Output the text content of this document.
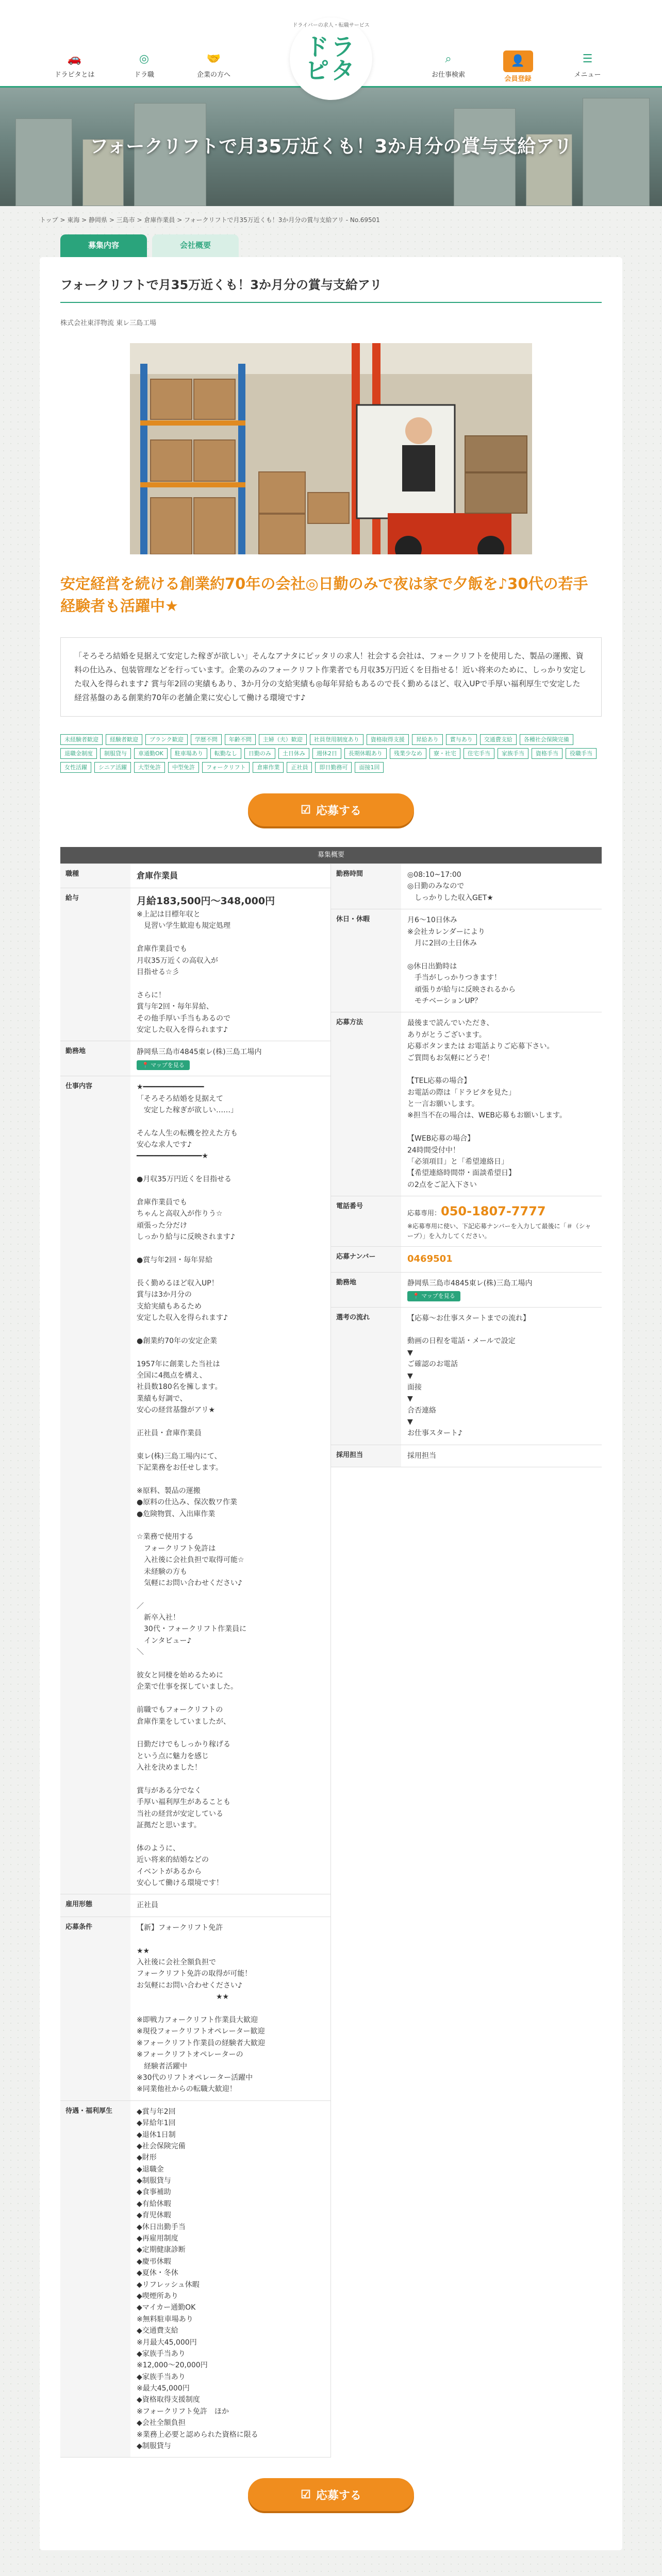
🚗
ドラピタとは
◎
ドラ職
🤝
企業の方へ
⌕
お仕事検索
👤
会員登録
☰
メニュー
ドライバーの求人・転職サービス
ドラ
ピタ
フォークリフトで月35万近くも！3か月分の賞与支給アリ
トップ > 東海 > 静岡県 > 三島市 > 倉庫作業員 > フォークリフトで月35万近くも！3か月分の賞与支給アリ - No.69501
募集内容	会社概要
フォークリフトで月35万近くも！3か月分の賞与支給アリ
株式会社東洋物流 東レ三島工場

安定経営を続ける創業約70年の会社◎日勤のみで夜は家で夕飯を♪30代の若手経験者も活躍中★

「そろそろ結婚を見据えて安定した稼ぎが欲しい」そんなアナタにピッタリの求人！社会する会社は、フォークリフトを使用した、製品の運搬、資料の仕込み、包装管理などを行っています。企業のみのフォークリフト作業者でも月収35万円近くを目指せる！近い将来のために、しっかり安定した収入を得られます♪ 賞与年2回の実績もあり、3か月分の支給実績も◎毎年昇給もあるので長く勤めるほど、収入UPで手厚い福利厚生で安定した経営基盤のある創業約70年の老舗企業に安心して働ける環境です♪

未経験者歓迎	経験者歓迎	ブランク歓迎	学歴不問	年齢不問	主婦（夫）歓迎	社員登用制度あり	資格取得支援	昇給あり	賞与あり	交通費支給	各種社会保険完備
退職金制度	制服貸与	車通勤OK	駐車場あり	転勤なし	日勤のみ	土日休み	週休2日	長期休暇あり	残業少なめ	寮・社宅	住宅手当	家族手当	資格手当	役職手当
女性活躍	シニア活躍	大型免許	中型免許	フォークリフト	倉庫作業	正社員	即日勤務可	面接1回
☑ 応募する
募集概要
職種	倉庫作業員
給与	月給183,500円〜348,000円
※上記は目標年収と
　見習い学生歓迎も規定処理

倉庫作業員でも
月収35万近くの高収入が
目指せる☆彡

さらに！
賞与年2回・毎年昇給、
その他手厚い手当もあるので
安定した収入を得られます♪
勤務地	静岡県三島市4845東レ(株)三島工場内
📍 マップを見る
仕事内容	★━━━━━━━━━━━━━━
「そろそろ結婚を見据えて
　安定した稼ぎが欲しい……」

そんな人生の転機を控えた方も
安心な求人です♪
━━━━━━━━━━━━━━━★

●月収35万円近くを目指せる

倉庫作業員でも
ちゃんと高収入が作りう☆
頑張った分だけ
しっかり給与に反映されます♪

●賞与年2回・毎年昇給

長く勤めるほど収入UP！
賞与は3か月分の
支給実績もあるため
安定した収入を得られます♪

●創業約70年の安定企業

1957年に創業した当社は
全国に4拠点を構え、
社員数180名を擁します。
業績も好調で、
安心の経営基盤がアリ★

正社員・倉庫作業員

東レ(株)三島工場内にて、
下記業務をお任せします。

※原料、製品の運搬
●原料の仕込み、保次数ワ作業
●危険物質、入出庫作業

☆業務で使用する
　フォークリフト免許は
　入社後に会社負担で取得可能☆
　未経験の方も
　気軽にお問い合わせください♪

／
　新卒入社！
　30代・フォークリフト作業員に
　インタビュー♪
＼

彼女と同棲を始めるために
企業で仕事を探していました。

前職でもフォークリフトの
倉庫作業をしていましたが、

日勤だけでもしっかり稼げる
という点に魅力を感じ
入社を決めました！

賞与がある分でなく
手厚い福利厚生があることも
当社の経営が安定している
証拠だと思います。

体のように、
近い将来的結婚などの
イベントがあるから
安心して働ける環境です！
雇用形態	正社員
応募条件	【新】フォークリフト免許

★★
入社後に会社全額負担で
フォークリフト免許の取得が可能！
お気軽にお問い合わせください♪
　　　　　　　　　　　★★

※即戦力フォークリフト作業員大歓迎
※現役フォークリフトオペレーター歓迎
※フォークリフト作業員の経験者大歓迎
※フォークリフトオペレーターの
　経験者活躍中
※30代のリフトオペレーター活躍中
※同業他社からの転職大歓迎！
待遇・福利厚生	◆賞与年2回
◆昇給年1回
◆退休1日制
◆社会保険完備
◆財形
◆退職金
◆制服貸与
◆食事補助
◆有給休暇
◆育児休暇
◆休日出勤手当
◆再雇用制度
◆定期健康診断
◆慶弔休暇
◆夏休・冬休
◆リフレッシュ休暇
◆喫煙所あり
◆マイカー通勤OK
※無料駐車場あり
◆交通費支給
※月最大45,000円
◆家族手当あり
※12,000〜20,000円
◆家族手当あり
※最大45,000円
◆資格取得支援制度
※フォークリフト免許　ほか
◆会社全額負担
※業務上必要と認められた資格に限る
◆制服貸与
勤務時間	◎08:10~17:00
◎日勤のみなので
　しっかりした収入GET★
休日・休暇	月6〜10日休み
※会社カレンダーにより
　月に2回の土日休み

◎休日出勤時は
　手当がしっかりつきます！
　頑張りが給与に反映されるから
　モチベーションUP？
応募方法	最後まで読んでいただき、
ありがとうございます。
応募ボタンまたは お電話よりご応募下さい。
ご質問もお気軽にどうぞ！

【TEL応募の場合】
お電話の際は「ドラピタを見た」
と一言お願いします。
※担当不在の場合は、WEB応募もお願いします。

【WEB応募の場合】
24時間受付中！
「必須項目」と「希望連絡日」
【希望連絡時間帯・面談希望日】
の2点をご記入下さい
電話番号
応募専用：050-1807-7777
※応募専用に使い、下記応募ナンバーを入力して最後に「＃（シャープ）」を入力してください。
応募ナンバー	0469501
勤務地	静岡県三島市4845東レ(株)三島工場内
📍 マップを見る
選考の流れ	【応募〜お仕事スタートまでの流れ】

動画の日程を電話・メールで設定
▼
ご確認のお電話
▼
面接
▼
合否連絡
▼
お仕事スタート♪
採用担当	採用担当
☑ 応募する
